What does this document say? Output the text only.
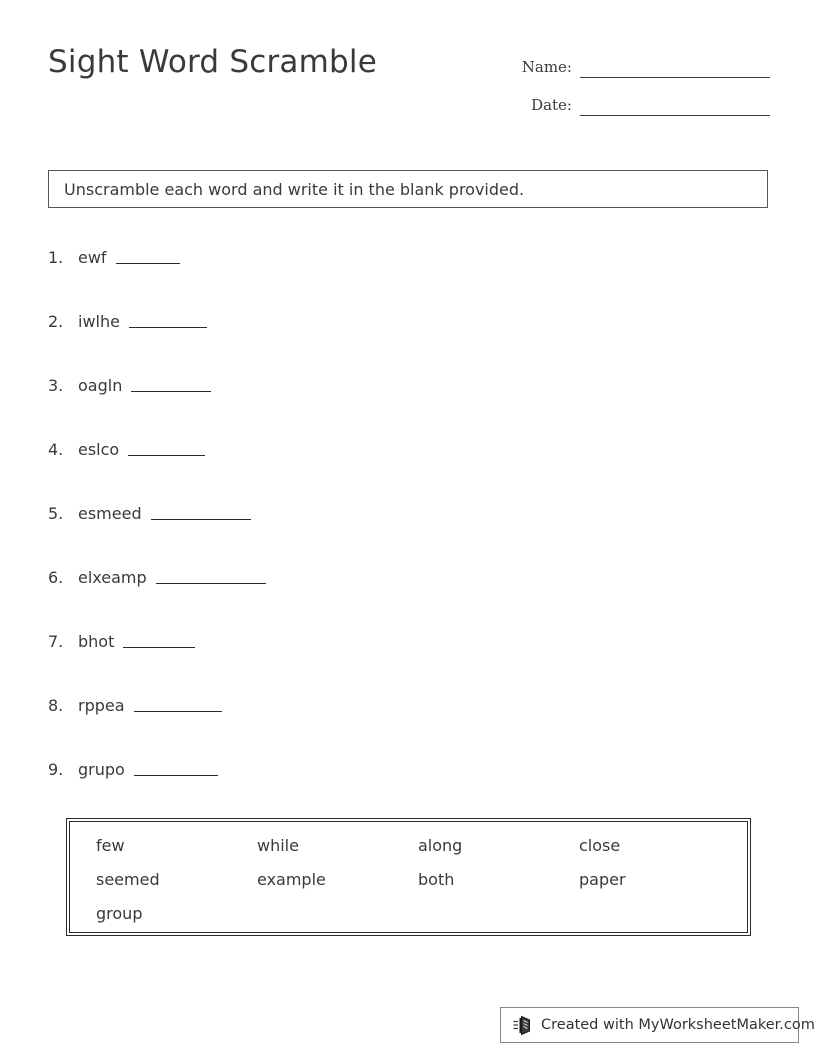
Sight Word Scramble	Name:
Date:
Unscramble each word and write it in the blank provided.
1. ewf
2. iwlhe
3. oagln
4. eslco
5. esmeed
6. elxeamp
7. bhot
8. rppea
9. grupo
few	while	along	close
seemed	example	both	paper
group
Created with MyWorksheetMaker.com
